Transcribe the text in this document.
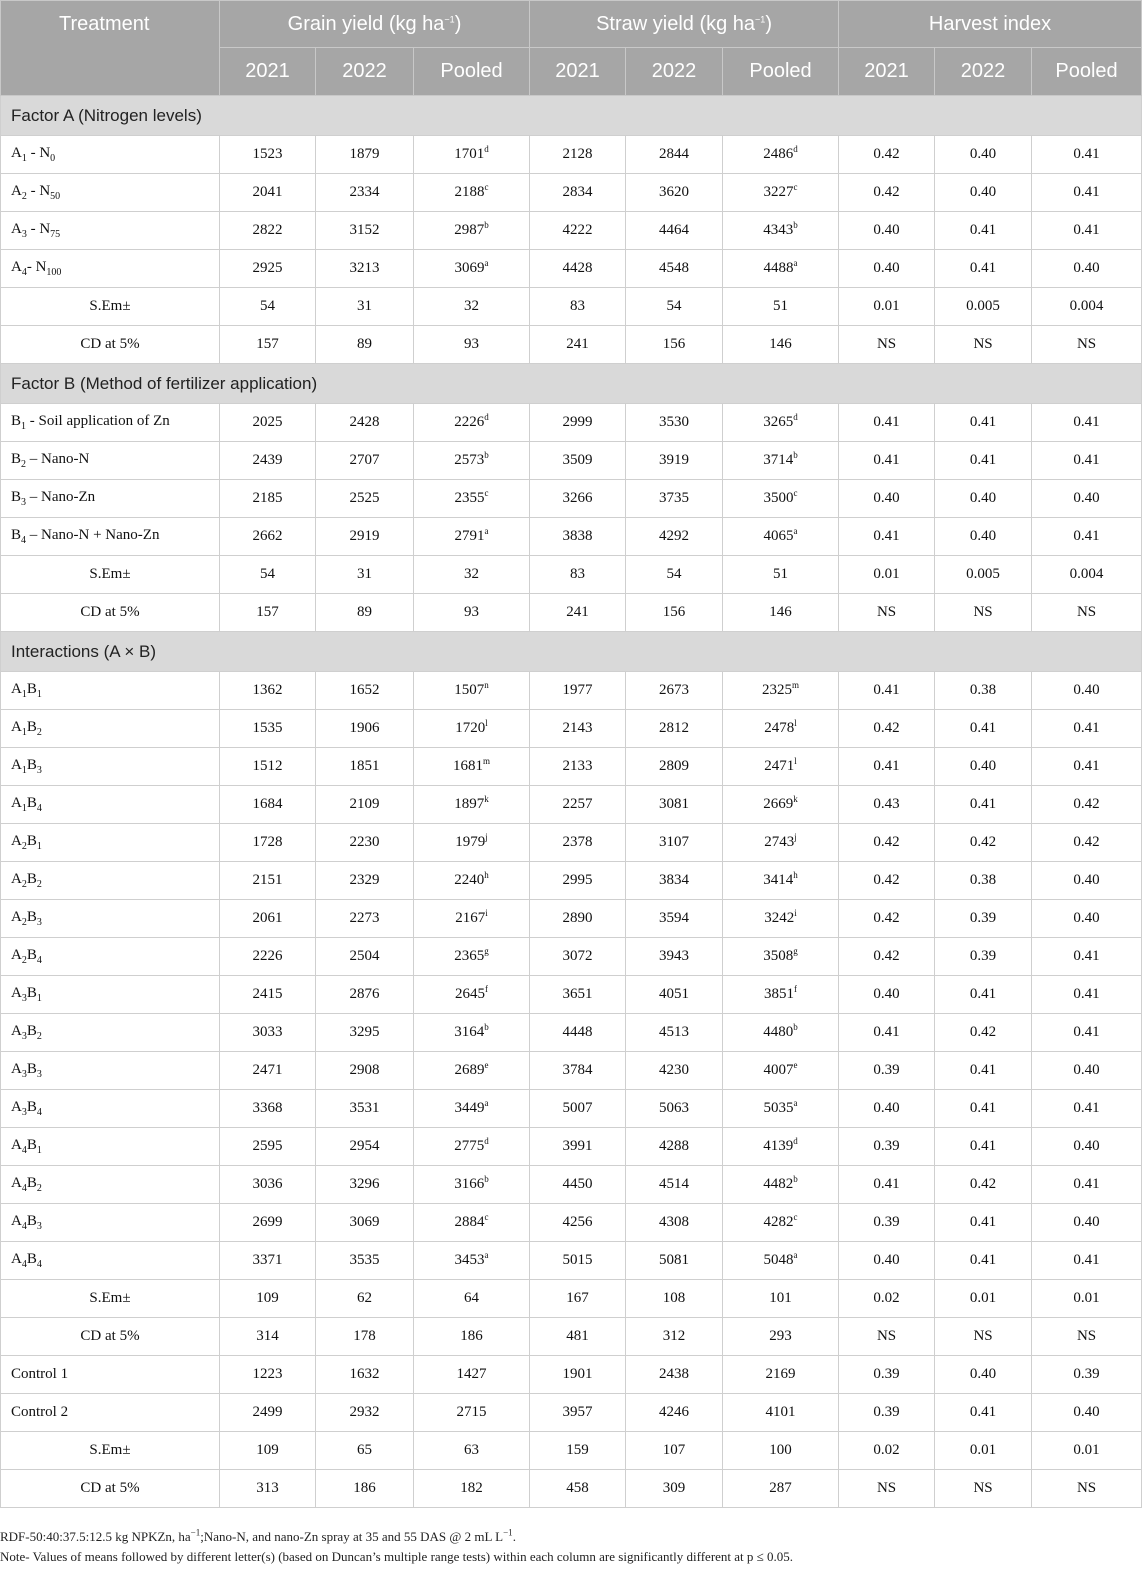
Treatment	Grain yield (kg $ha^{-1}$)			Straw yield (kg $ha^{-1}$)			Harvest index		
	2021	2022	Pooled	2021	2022	Pooled	2021	2022	Pooled
Factor A (Nitrogen levels)									
$A_1 - N_0$	1523	1879	1701$^d$	2128	2844	2486$^d$	0.42	0.40	0.41
$A_2 - N_{50}$	2041	2334	2188$^c$	2834	3620	3227$^c$	0.42	0.40	0.41
$A_3 - N_{75}$	2822	3152	2987$^b$	4222	4464	4343$^b$	0.40	0.41	0.41
$A_4-$ $N_{100}$	2925	3213	3069$^a$	4428	4548	4488$^a$	0.40	0.41	0.40
S.Em±	54	31	32	83	54	51	0.01	0.005	0.004
CD at 5%	157	89	93	241	156	146	NS	NS	NS
Factor B (Method of fertilizer application)									
$B_1$ - Soil application of Zn	2025	2428	2226$^d$	2999	3530	3265$^d$	0.41	0.41	0.41
$B_2$ – Nano-N	2439	2707	2573$^b$	3509	3919	3714$^b$	0.41	0.41	0.41
$B_3$ – Nano-Zn	2185	2525	2355$^c$	3266	3735	3500$^c$	0.40	0.40	0.40
$B_4$ – Nano-N + Nano-Zn	2662	2919	2791$^a$	3838	4292	4065$^a$	0.41	0.40	0.41
S.Em±	54	31	32	83	54	51	0.01	0.005	0.004
CD at 5%	157	89	93	241	156	146	NS	NS	NS
Interactions (A × B)									
$A_1B_1$	1362	1652	1507$^n$	1977	2673	2325$^m$	0.41	0.38	0.40
$A_1B_2$	1535	1906	1720$^l$	2143	2812	2478$^l$	0.42	0.41	0.41
$A_1B_3$	1512	1851	1681$^m$	2133	2809	2471$^l$	0.41	0.40	0.41
$A_1B_4$	1684	2109	1897$^k$	2257	3081	2669$^k$	0.43	0.41	0.42
$A_2B_1$	1728	2230	1979$^j$	2378	3107	2743$^j$	0.42	0.42	0.42
$A_2B_2$	2151	2329	2240$^h$	2995	3834	3414$^h$	0.42	0.38	0.40
$A_2B_3$	2061	2273	2167$^i$	2890	3594	3242$^i$	0.42	0.39	0.40
$A_2B_4$	2226	2504	2365$^g$	3072	3943	3508$^g$	0.42	0.39	0.41
$A_3B_1$	2415	2876	2645$^f$	3651	4051	3851$^f$	0.40	0.41	0.41
$A_3B_2$	3033	3295	3164$^b$	4448	4513	4480$^b$	0.41	0.42	0.41
$A_3B_3$	2471	2908	2689e	3784	4230	4007e	0.39	0.41	0.40
$A_3B_4$	3368	3531	3449$^a$	5007	5063	5035$^a$	0.40	0.41	0.41
$A_4B_1$	2595	2954	2775$^d$	3991	4288	4139$^d$	0.39	0.41	0.40
$A_4B_2$	3036	3296	3166$^b$	4450	4514	4482$^b$	0.41	0.42	0.41
$A_4B_3$	2699	3069	2884$^c$	4256	4308	4282$^c$	0.39	0.41	0.40
$A_4B_4$	3371	3535	3453$^a$	5015	5081	5048$^a$	0.40	0.41	0.41
S.Em±	109	62	64	167	108	101	0.02	0.01	0.01
CD at 5%	314	178	186	481	312	293	NS	NS	NS
Control 1	1223	1632	1427	1901	2438	2169	0.39	0.40	0.39
Control 2	2499	2932	2715	3957	4246	4101	0.39	0.41	0.40
S.Em±	109	65	63	159	107	100	0.02	0.01	0.01
CD at 5%	313	186	182	458	309	287	NS	NS	NS
RDF-50:40:37.5:12.5 kg NPKZn, $ha^{-1};Nano-N$, and nano-Zn spray at 35 and 55 DAS @ 2 mL $L^{-1}$.
Note- Values of means followed by different letter(s) (based on Duncan’s multiple range tests) within each column are significantly different at p ≤ 0.05.
